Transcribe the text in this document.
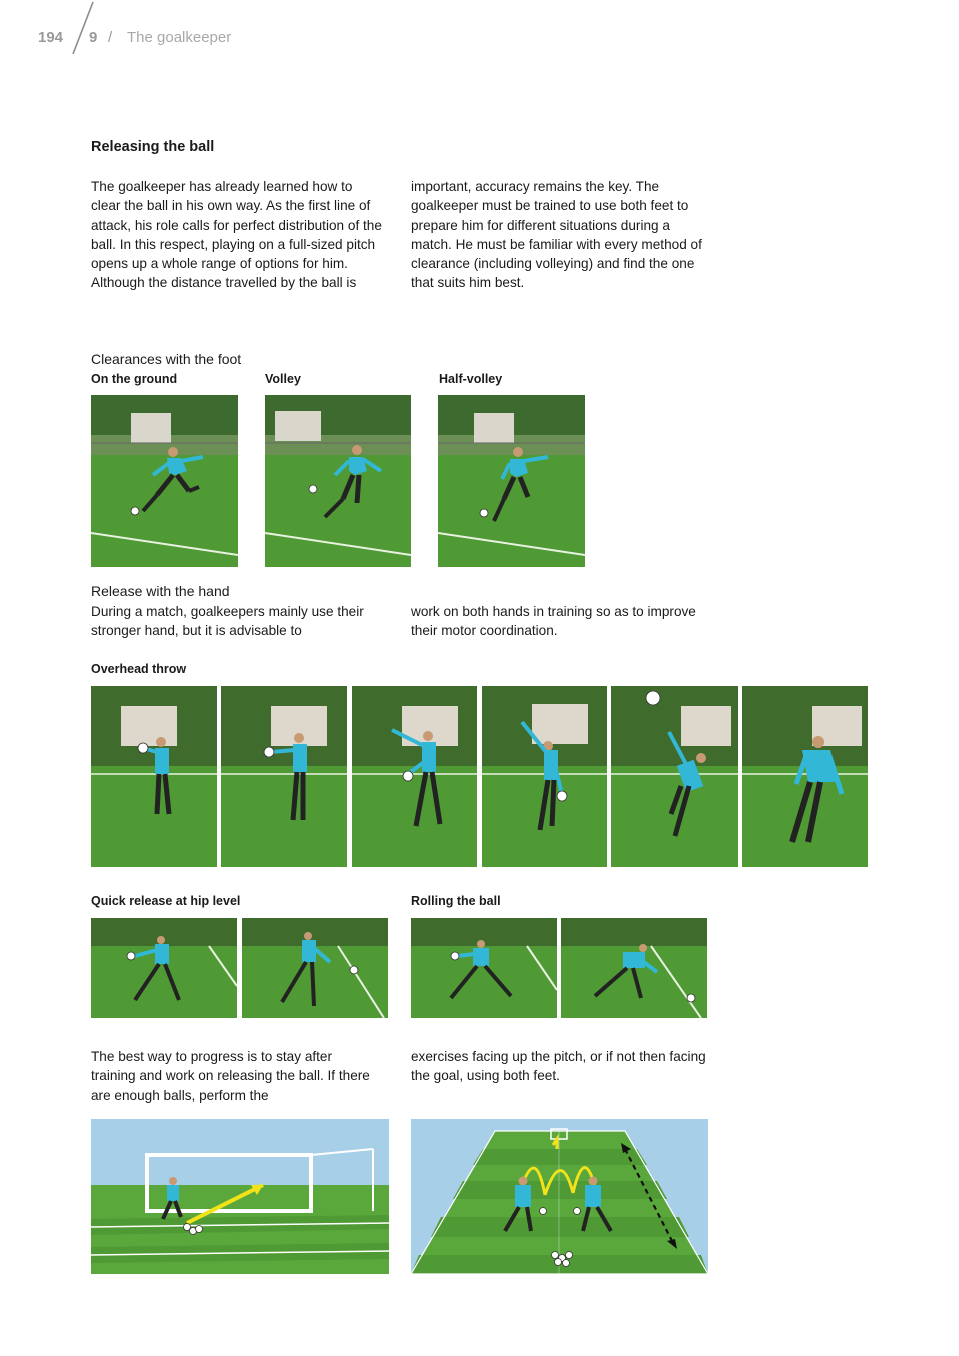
194 9 / The goalkeeper
Releasing the ball
The goalkeeper has already learned how to clear the ball in his own way. As the first line of attack, his role calls for perfect distribution of the ball. In this respect, playing on a full-sized pitch opens up a whole range of options for him. Although the distance travelled by the ball is
important, accuracy remains the key. The goalkeeper must be trained to use both feet to prepare him for different situations during a match. He must be familiar with every method of clearance (including volleying) and find the one that suits him best.
Clearances with the foot
On the ground	Volley	Half-volley
Release with the hand
During a match, goalkeepers mainly use their stronger hand, but it is advisable to
work on both hands in training so as to improve their motor coordination.
Overhead throw
Quick release at hip level	Rolling the ball
The best way to progress is to stay after training and work on releasing the ball. If there are enough balls, perform the
exercises facing up the pitch, or if not then facing the goal, using both feet.
